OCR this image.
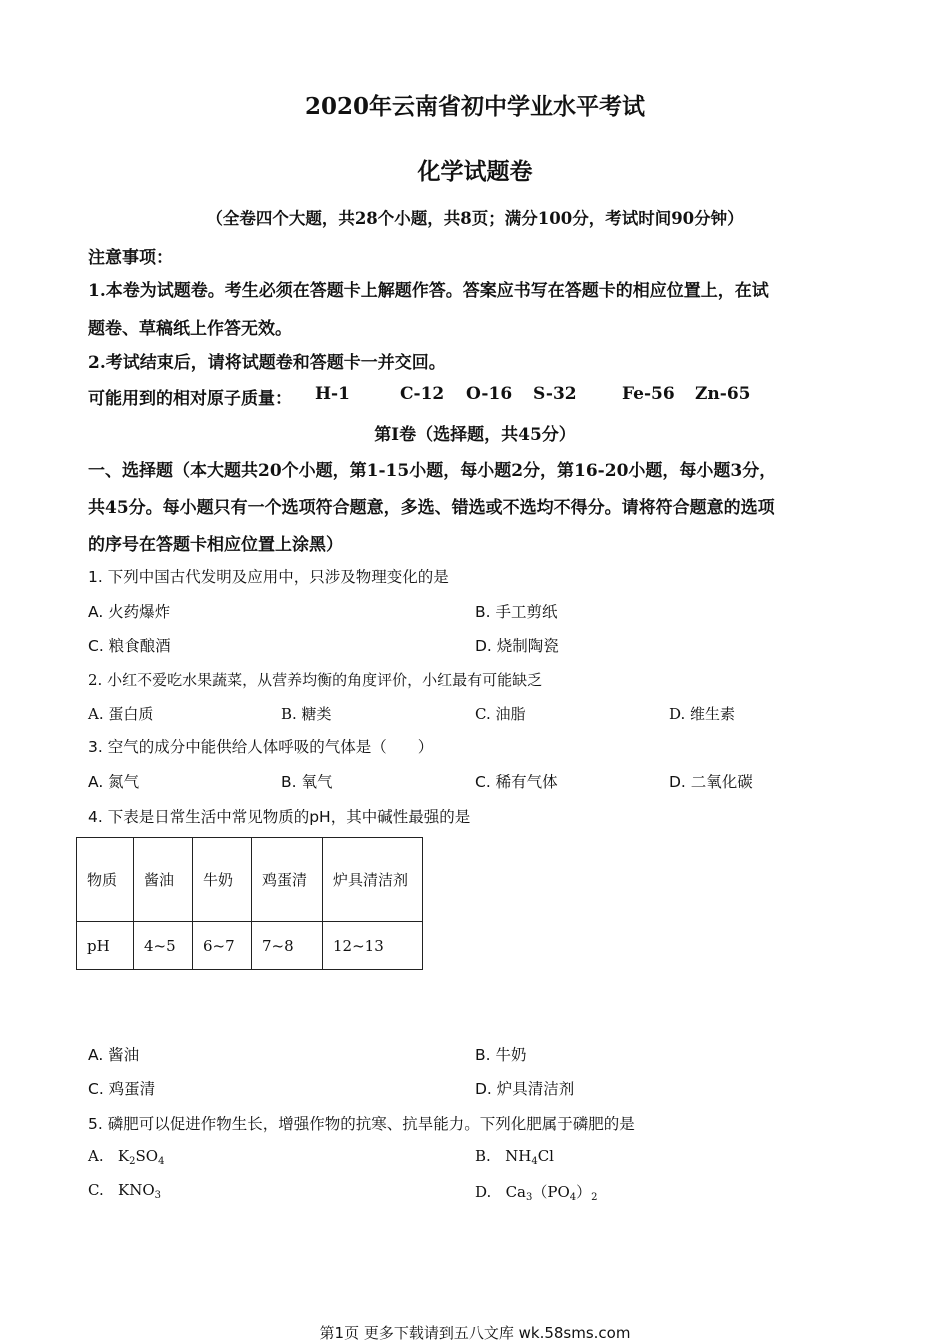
2020年云南省初中学业水平考试
化学试题卷
（全卷四个大题，共28个小题，共8页；满分100分，考试时间90分钟）
注意事项：
1.本卷为试题卷。考生必须在答题卡上解题作答。答案应书写在答题卡的相应位置上，在试
题卷、草稿纸上作答无效。
2.考试结束后，请将试题卷和答题卡一并交回。
可能用到的相对原子质量： H-1	C-12 O-16 S-32	Fe-56 Zn-65
第Ⅰ卷（选择题，共45分）
一、选择题（本大题共20个小题，第1-15小题，每小题2分，第16-20小题，每小题3分，
共45分。每小题只有一个选项符合题意，多选、错选或不选均不得分。请将符合题意的选项
的序号在答题卡相应位置上涂黑）
1. 下列中国古代发明及应用中，只涉及物理变化的是
A. 火药爆炸	B. 手工剪纸
C. 粮食酿酒	D. 烧制陶瓷
2. 小红不爱吃水果蔬菜，从营养均衡的角度评价，小红最有可能缺乏
A. 蛋白质	B. 糖类	C. 油脂	D. 维生素
3. 空气的成分中能供给人体呼吸的气体是（　　）
A. 氮气	B. 氧气	C. 稀有气体	D. 二氧化碳
4. 下表是日常生活中常见物质的pH，其中碱性最强的是
物质	酱油	牛奶	鸡蛋清	炉具清洁剂
pH	4~5	6~7	7~8	12~13
A. 酱油	B. 牛奶
C. 鸡蛋清	D. 炉具清洁剂
5. 磷肥可以促进作物生长，增强作物的抗寒、抗旱能力。下列化肥属于磷肥的是
A. $K_2SO_4$	B. $NH_4Cl$
C. $KNO_3$	D. $Ca_3(PO_4)_2$
第1页 更多下载请到五八文库 wk.58sms.com
